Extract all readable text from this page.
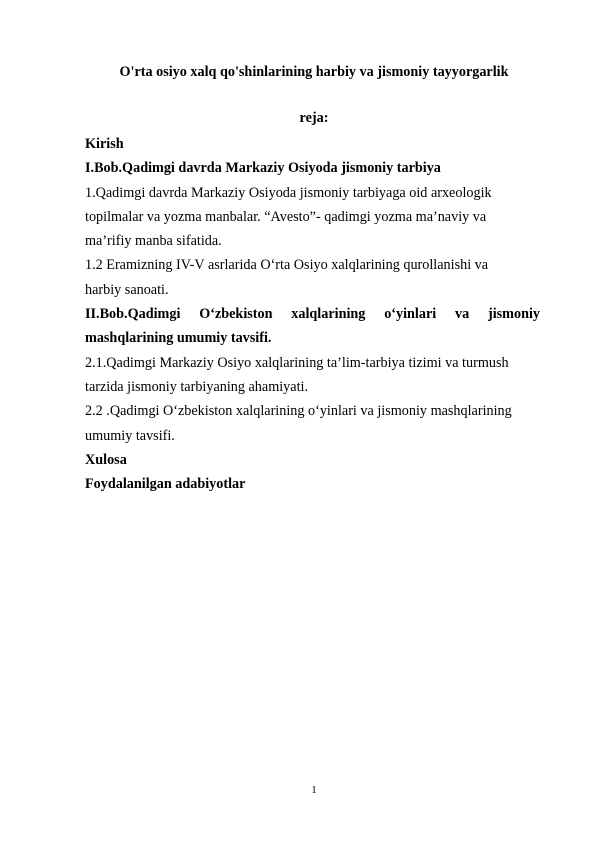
O'rta osiyo xalq qo'shinlarining harbiy va jismoniy tayyorgarlik
reja:
Kirish
I.Bob.Qadimgi davrda Markaziy Osiyoda jismoniy tarbiya
1.Qadimgi davrda Markaziy Osiyoda jismoniy tarbiyaga oid arxeologik
topilmalar va yozma manbalar. “Avesto”- qadimgi yozma ma’naviy va
ma’rifiy manba sifatida.
1.2 Eramizning IV-V asrlarida O‘rta Osiyo xalqlarining qurollanishi va
harbiy sanoati.
II.Bob.Qadimgi O‘zbekiston xalqlarining o‘yinlari va jismoniy
mashqlarining umumiy tavsifi.
2.1.Qadimgi Markaziy Osiyo xalqlarining ta’lim-tarbiya tizimi va turmush
tarzida jismoniy tarbiyaning ahamiyati.
2.2 .Qadimgi O‘zbekiston xalqlarining o‘yinlari va jismoniy mashqlarining
umumiy tavsifi.
Xulosa
Foydalanilgan adabiyotlar
1
